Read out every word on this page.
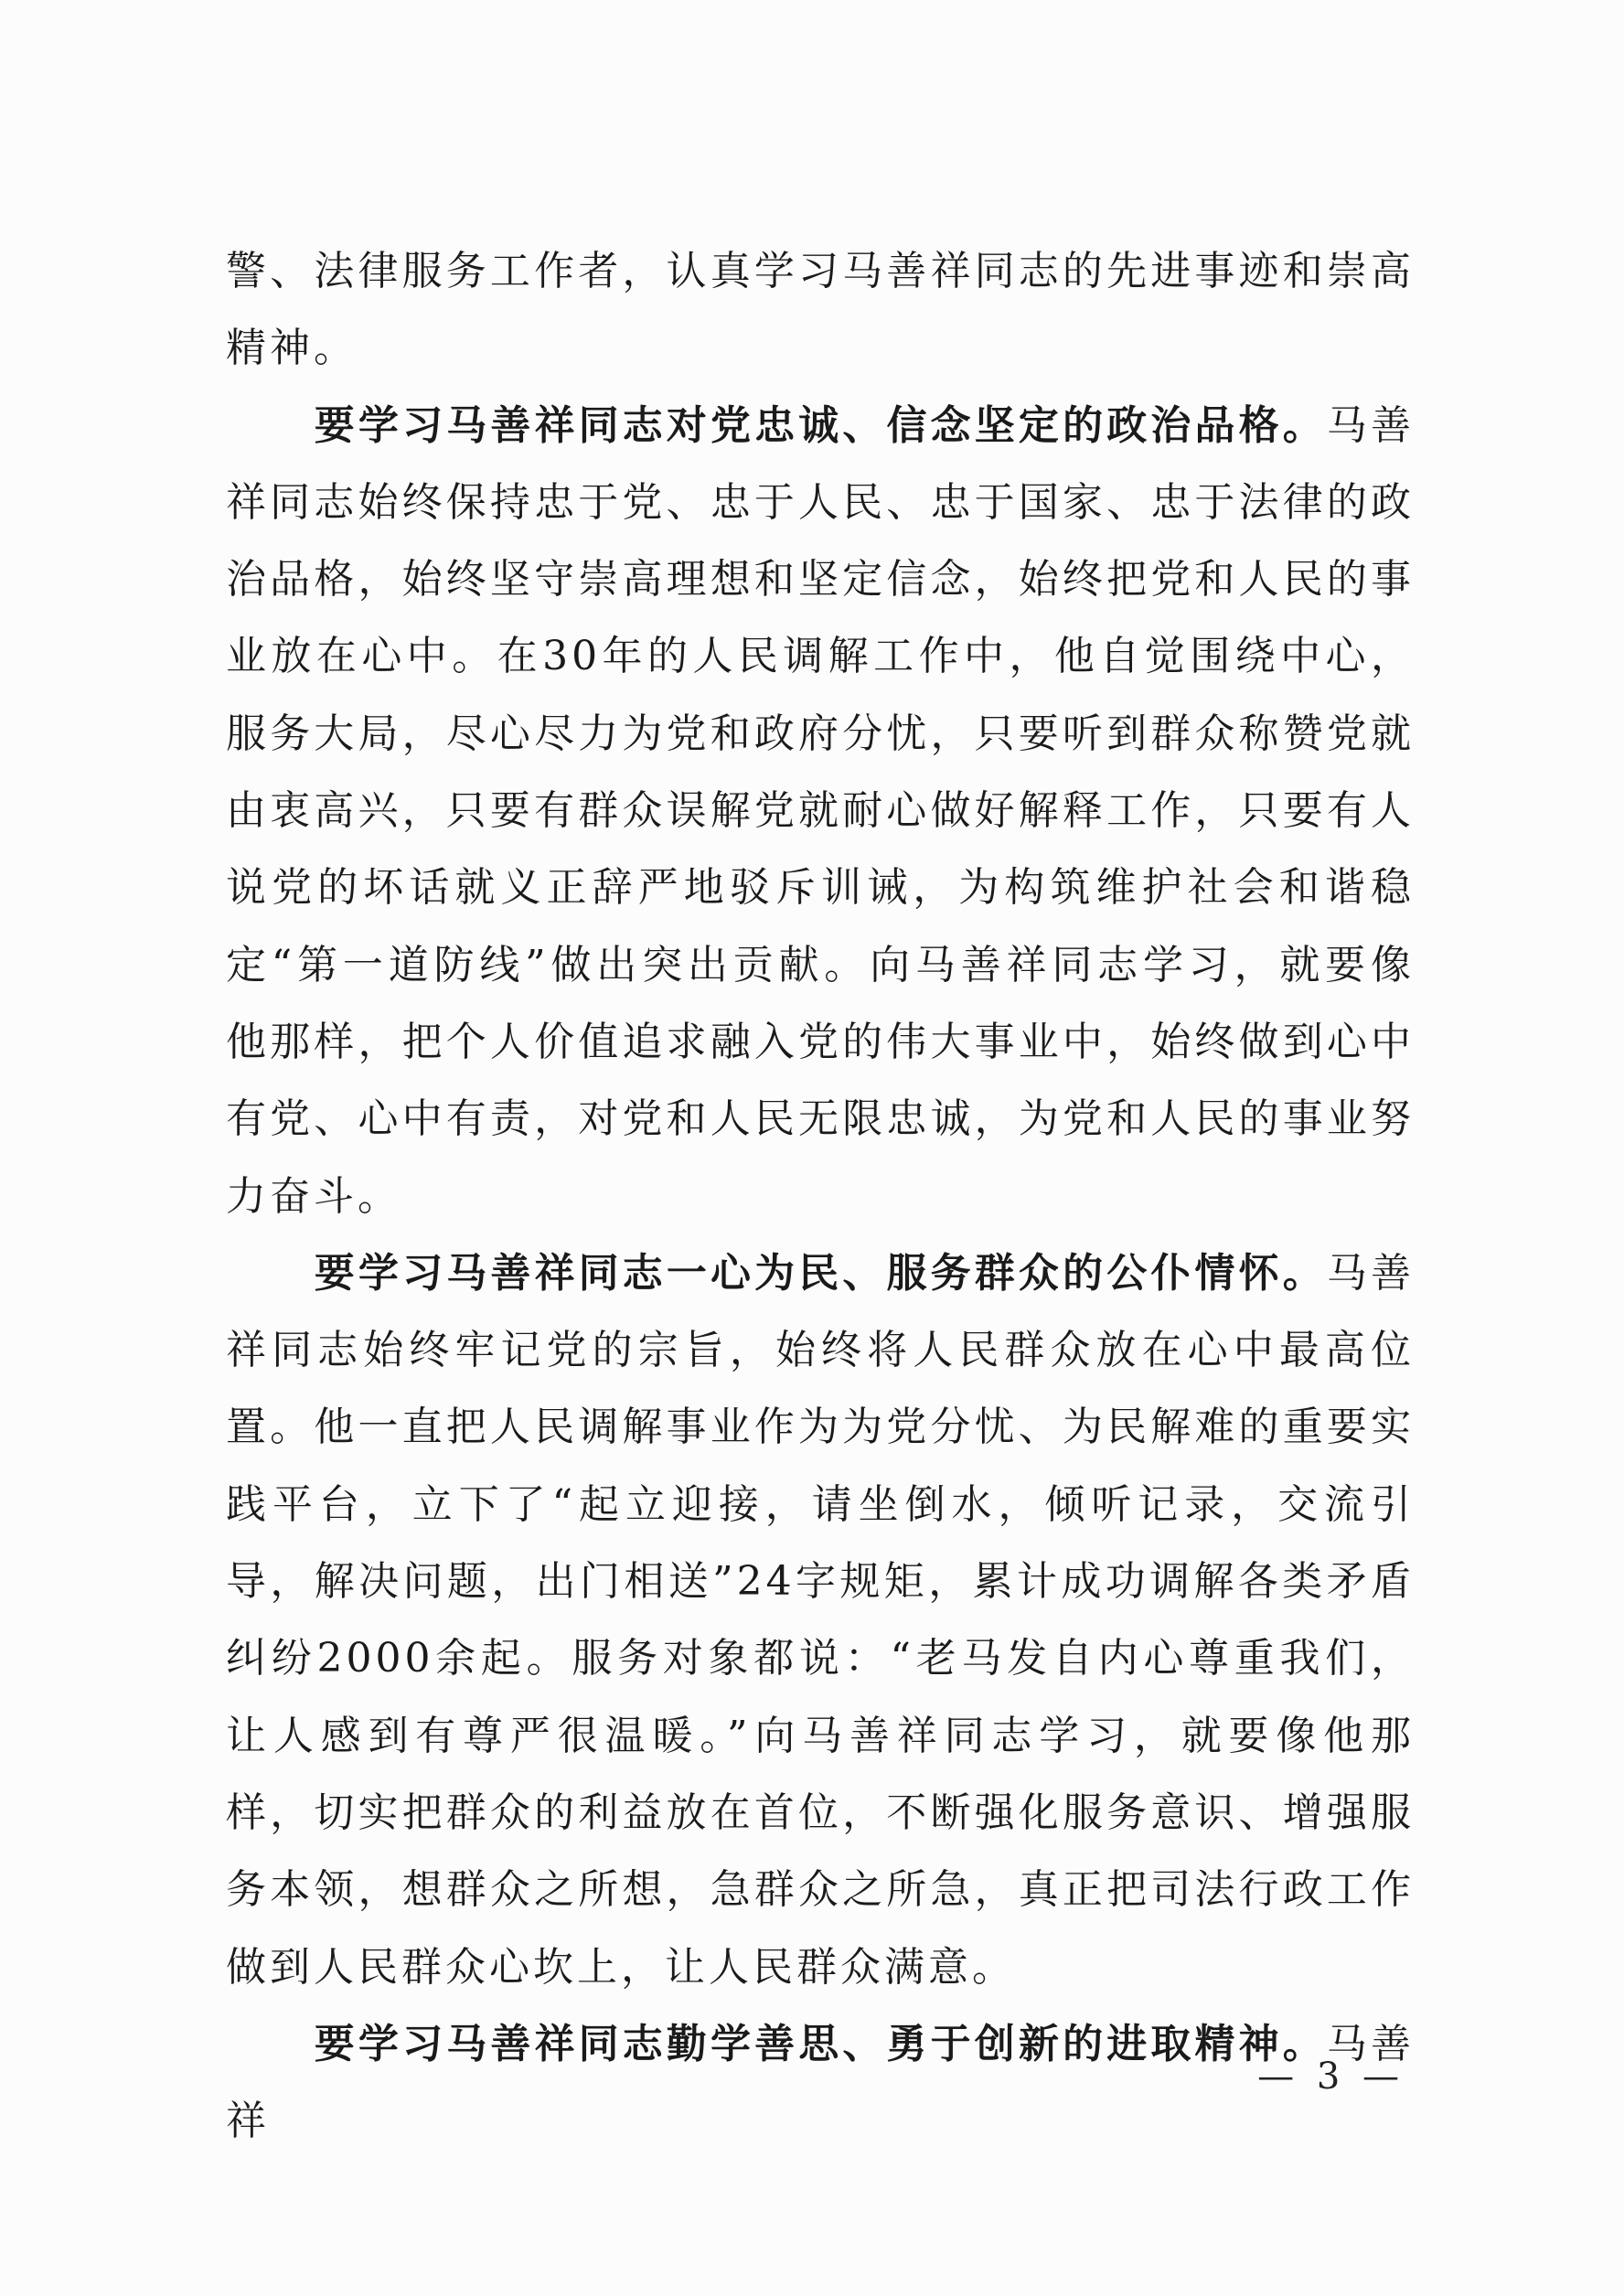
警、法律服务工作者，认真学习马善祥同志的先进事迹和崇高精神。

要学习马善祥同志对党忠诚、信念坚定的政治品格。马善祥同志始终保持忠于党、忠于人民、忠于国家、忠于法律的政治品格，始终坚守崇高理想和坚定信念，始终把党和人民的事业放在心中。在30年的人民调解工作中，他自觉围绕中心，服务大局，尽心尽力为党和政府分忧，只要听到群众称赞党就由衷高兴，只要有群众误解党就耐心做好解释工作，只要有人说党的坏话就义正辞严地驳斥训诫，为构筑维护社会和谐稳定“第一道防线”做出突出贡献。向马善祥同志学习，就要像他那样，把个人价值追求融入党的伟大事业中，始终做到心中有党、心中有责，对党和人民无限忠诚，为党和人民的事业努力奋斗。

要学习马善祥同志一心为民、服务群众的公仆情怀。马善祥同志始终牢记党的宗旨，始终将人民群众放在心中最高位置。他一直把人民调解事业作为为党分忧、为民解难的重要实践平台，立下了“起立迎接，请坐倒水，倾听记录，交流引导，解决问题，出门相送”24字规矩，累计成功调解各类矛盾纠纷2000余起。服务对象都说：“老马发自内心尊重我们，让人感到有尊严很温暖。”向马善祥同志学习，就要像他那样，切实把群众的利益放在首位，不断强化服务意识、增强服务本领，想群众之所想，急群众之所急，真正把司法行政工作做到人民群众心坎上，让人民群众满意。

要学习马善祥同志勤学善思、勇于创新的进取精神。马善祥

— 3 —
